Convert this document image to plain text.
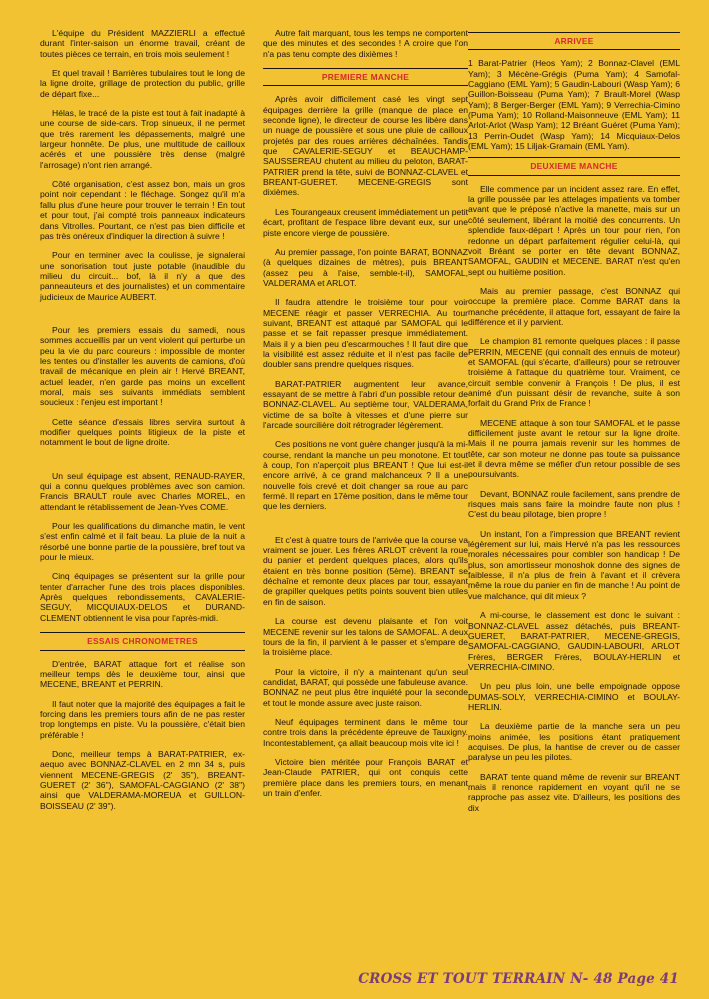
L'équipe du Président MAZZIERLI a effectué durant l'inter-saison un énorme travail, créant de toutes pièces ce terrain, en trois mois seulement !

Et quel travail ! Barrières tubulaires tout le long de la ligne droite, grillage de protection du public, grille de départ fixe...

Hélas, le tracé de la piste est tout à fait inadapté à une course de side-cars. Trop sinueux, il ne permet que très rarement les dépassements, malgré une largeur honnête. De plus, une multitude de cailloux acérés et une poussière très dense (malgré l'arrosage) n'ont rien arrangé.

Côté organisation, c'est assez bon, mais un gros point noir cependant : le fléchage. Songez qu'il m'a fallu plus d'une heure pour trouver le terrain ! En tout et pour tout, j'ai compté trois panneaux indicateurs dans Vitrolles. Pourtant, ce n'est pas bien difficile et pas très onéreux d'indiquer la direction à suivre !

Pour en terminer avec la coulisse, je signalerai une sonorisation tout juste potable (inaudible du milieu du circuit... bof, là il n'y a que des panneauteurs et des journalistes) et un commentaire judicieux de Maurice AUBERT.

Pour les premiers essais du samedi, nous sommes accueillis par un vent violent qui perturbe un peu la vie du parc coureurs : impossible de monter les tentes ou d'installer les auvents de camions, d'où travail de mécanique en plein air ! Hervé BREANT, actuel leader, n'en garde pas moins un excellent moral, mais ses suivants immédiats semblent soucieux : l'enjeu est important !

Cette séance d'essais libres servira surtout à modifier quelques points litigieux de la piste et notamment le bout de ligne droite.

Un seul équipage est absent, RENAUD-RAYER, qui a connu quelques problèmes avec son camion. Francis BRAULT roule avec Charles MOREL, en attendant le rétablissement de Jean-Yves COME.

Pour les qualifications du dimanche matin, le vent s'est enfin calmé et il fait beau. La pluie de la nuit a résorbé une bonne partie de la poussière, bref tout va pour le mieux.

Cinq équipages se présentent sur la grille pour tenter d'arracher l'une des trois places disponibles. Après quelques rebondissements, CAVALERIE-SEGUY, MICQUIAUX-DELOS et DURAND-CLEMENT obtiennent le visa pour l'après-midi.

ESSAIS CHRONOMETRES

D'entrée, BARAT attaque fort et réalise son meilleur temps dès le deuxième tour, ainsi que MECENE, BREANT et PERRIN.

Il faut noter que la majorité des équipages a fait le forcing dans les premiers tours afin de ne pas rester trop longtemps en piste. Vu la poussière, c'était bien préférable !

Donc, meilleur temps à BARAT-PATRIER, ex-aequo avec BONNAZ-CLAVEL en 2 mn 34 s, puis viennent MECENE-GREGIS (2' 35"), BREANT-GUERET (2' 36"), SAMOFAL-CAGGIANO (2' 38") ainsi que VALDERAMA-MOREUA et GUILLON-BOISSEAU (2' 39").

Autre fait marquant, tous les temps ne comportent que des minutes et des secondes ! A croire que l'on n'a pas tenu compte des dixièmes !

PREMIERE MANCHE

Après avoir difficilement casé les vingt sept équipages derrière la grille (manque de place en seconde ligne), le directeur de course les libère dans un nuage de poussière et sous une pluie de cailloux projetés par des roues arrières déchaînées. Tandis que CAVALERIE-SEGUY et BEAUCHAMP-SAUSSEREAU chutent au milieu du peloton, BARAT-PATRIER prend la tête, suivi de BONNAZ-CLAVEL et BREANT-GUERET. MECENE-GREGIS sont dixièmes.

Les Tourangeaux creusent immédiatement un petit écart, profitant de l'espace libre devant eux, sur une piste encore vierge de poussière.

Au premier passage, l'on pointe BARAT, BONNAZ (à quelques dizaines de mètres), puis BREANT (assez peu à l'aise, semble-t-il), SAMOFAL, VALDERAMA et ARLOT.

Il faudra attendre le troisième tour pour voir MECENE réagir et passer VERRECHIA. Au tour suivant, BREANT est attaqué par SAMOFAL qui le passe et se fait repasser presque immédiatement. Mais il y a bien peu d'escarmouches ! Il faut dire que la visibilité est assez réduite et il n'est pas facile de doubler sans prendre quelques risques.

BARAT-PATRIER augmentent leur avance, essayant de se mettre à l'abri d'un possible retour de BONNAZ-CLAVEL. Au septième tour, VALDERAMA, victime de sa boîte à vitesses et d'une pierre sur l'arcade sourcilière doit rétrograder légèrement.

Ces positions ne vont guère changer jusqu'à la mi-course, rendant la manche un peu monotone. Et tout à coup, l'on n'aperçoit plus BREANT ! Que lui est-il encore arrivé, à ce grand malchanceux ? Il a une nouvelle fois crevé et doit changer sa roue au parc fermé. Il repart en 17ème position, dans le même tour que les derniers.

Et c'est à quatre tours de l'arrivée que la course va vraiment se jouer. Les frères ARLOT crèvent la roue du panier et perdent quelques places, alors qu'ils étaient en très bonne position (5ème). BREANT se déchaîne et remonte deux places par tour, essayant de grapiller quelques petits points souvent bien utiles en fin de saison.

La course est devenu plaisante et l'on voit MECENE revenir sur les talons de SAMOFAL. A deux tours de la fin, il parvient à le passer et s'empare de la troisième place.

Pour la victoire, il n'y a maintenant qu'un seul candidat, BARAT, qui possède une fabuleuse avance. BONNAZ ne peut plus être inquiété pour la seconde et tout le monde assure avec juste raison.

Neuf équipages terminent dans le même tour contre trois dans la précédente épreuve de Tauxigny. Incontestablement, ça allait beaucoup mois vite ici !

Victoire bien méritée pour François BARAT et Jean-Claude PATRIER, qui ont conquis cette première place dans les premiers tours, en menant un train d'enfer.

ARRIVEE
1 Barat-Patrier (Heos Yam); 2 Bonnaz-Clavel (EML Yam); 3 Mécène-Grégis (Puma Yam); 4 Samofal-Caggiano (EML Yam); 5 Gaudin-Labouri (Wasp Yam); 6 Guillon-Boisseau (Puma Yam); 7 Brault-Morel (Wasp Yam); 8 Berger-Berger (EML Yam); 9 Verrechia-Cimino (Puma Yam); 10 Rolland-Maisonneuve (EML Yam); 11 Arlot-Arlot (Wasp Yam); 12 Bréant Guéret (Puma Yam); 13 Perrin-Oudet (Wasp Yam); 14 Micquiaux-Delos (EML Yam); 15 Liljak-Gramain (EML Yam).
DEUXIEME MANCHE

Elle commence par un incident assez rare. En effet, la grille poussée par les attelages impatients va tomber avant que le préposé n'active la manette, mais sur un côté seulement, libérant la moitié des concurrents. Un splendide faux-départ ! Après un tour pour rien, l'on redonne un départ parfaitement régulier celui-là, qui voit Bréant se porter en tête devant BONNAZ, SAMOFAL, GAUDIN et MECENE. BARAT n'est qu'en sept ou huitième position.

Mais au premier passage, c'est BONNAZ qui occupe la première place. Comme BARAT dans la manche précédente, il attaque fort, essayant de faire la différence et il y parvient.

Le champion 81 remonte quelques places : il passe PERRIN, MECENE (qui connaît des ennuis de moteur) et SAMOFAL (qui s'écarte, d'ailleurs) pour se retrouver troisième à l'attaque du quatrième tour. Vraiment, ce circuit semble convenir à François ! De plus, il est animé d'un puissant désir de revanche, suite à son forfait du Grand Prix de France !

MECENE attaque à son tour SAMOFAL et le passe difficilement juste avant le retour sur la ligne droite. Mais il ne pourra jamais revenir sur les hommes de tête, car son moteur ne donne pas toute sa puissance et il devra même se méfier d'un retour possible de ses poursuivants.

Devant, BONNAZ roule facilement, sans prendre de risques mais sans faire la moindre faute non plus ! C'est du beau pilotage, bien propre !

Un instant, l'on a l'impression que BREANT revient légèrement sur lui, mais Hervé n'a pas les ressources morales nécessaires pour combler son handicap ! De plus, son amortisseur monoshok donne des signes de faiblesse, il n'a plus de frein à l'avant et il crèvera même la roue du panier en fin de manche ! Au point de vue malchance, qui dit mieux ?

A mi-course, le classement est donc le suivant : BONNAZ-CLAVEL assez détachés, puis BREANT-GUERET, BARAT-PATRIER, MECENE-GREGIS, SAMOFAL-CAGGIANO, GAUDIN-LABOURI, ARLOT Frères, BERGER Frères, BOULAY-HERLIN et VERRECHIA-CIMINO.

Un peu plus loin, une belle empoignade oppose DUMAS-SOLY, VERRECHIA-CIMINO et BOULAY-HERLIN.

La deuxième partie de la manche sera un peu moins animée, les positions étant pratiquement acquises. De plus, la hantise de crever ou de casser paralyse un peu les pilotes.

BARAT tente quand même de revenir sur BREANT mais il renonce rapidement en voyant qu'il ne se rapproche pas assez vite. D'ailleurs, les positions des dix

CROSS ET TOUT TERRAIN N- 48 Page 41
